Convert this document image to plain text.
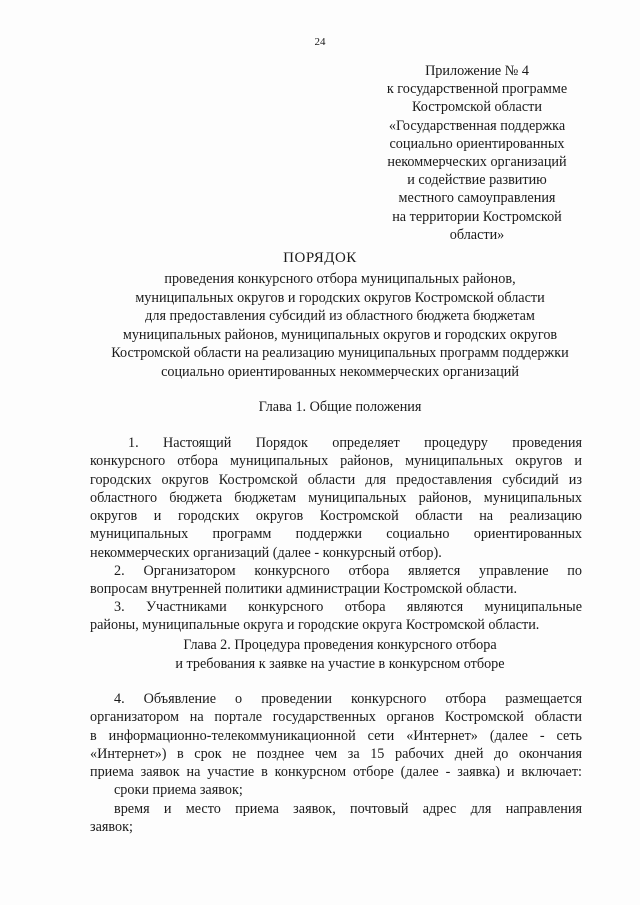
24
Приложение № 4
к государственной программе
Костромской области
«Государственная поддержка
социально ориентированных
некоммерческих организаций
и содействие развитию
местного самоуправления
на территории Костромской
области»
ПОРЯДОК
проведения конкурсного отбора муниципальных районов,
муниципальных округов и городских округов Костромской области
для предоставления субсидий из областного бюджета бюджетам
муниципальных районов, муниципальных округов и городских округов
Костромской области на реализацию муниципальных программ поддержки
социально ориентированных некоммерческих организаций
Глава 1. Общие положения
1. Настоящий Порядок определяет процедуру проведения
конкурсного отбора муниципальных районов, муниципальных округов и
городских округов Костромской области для предоставления субсидий из
областного бюджета бюджетам муниципальных районов, муниципальных
округов и городских округов Костромской области на реализацию
муниципальных программ поддержки социально ориентированных
некоммерческих организаций (далее - конкурсный отбор).
2. Организатором конкурсного отбора является управление по
вопросам внутренней политики администрации Костромской области.
3. Участниками конкурсного отбора являются муниципальные
районы, муниципальные округа и городские округа Костромской области.
Глава 2. Процедура проведения конкурсного отбора
и требования к заявке на участие в конкурсном отборе
4. Объявление о проведении конкурсного отбора размещается
организатором на портале государственных органов Костромской области
в информационно-телекоммуникационной сети «Интернет» (далее - сеть
«Интернет») в срок не позднее чем за 15 рабочих дней до окончания
приема заявок на участие в конкурсном отборе (далее - заявка) и включает:
сроки приема заявок;
время и место приема заявок, почтовый адрес для направления
заявок;
